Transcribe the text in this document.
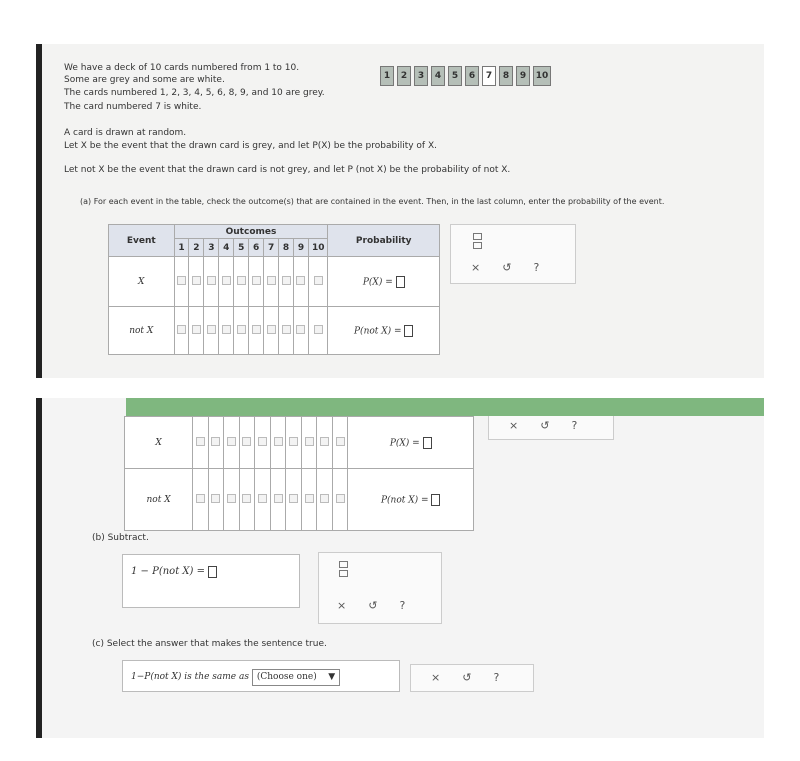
We have a deck of 10 cards numbered from 1 to 10.
Some are grey and some are white.
The cards numbered 1, 2, 3, 4, 5, 6, 8, 9, and 10 are grey.
The card numbered 7 is white.
1	2	3	4	5	6	7	8	9	10
A card is drawn at random.
Let X be the event that the drawn card is grey, and let P(X) be the probability of X.
Let not X be the event that the drawn card is not grey, and let P (not X) be the probability of not X.
(a) For each event in the table, check the outcome(s) that are contained in the event. Then, in the last column, enter the probability of the event.
Event	Outcomes										Probability
	1	2	3	4	5	6	7	8	9	10	
X											P(X) =
not X											P(not X) =
× ↺ ?
X											P(X) =
not X											P(not X) =
× ↺ ?
(b) Subtract.
1 − P(not X) =
× ↺ ?
(c) Select the answer that makes the sentence true.
1−P(not X) is the same as (Choose one)    ▼	× ↺ ?
